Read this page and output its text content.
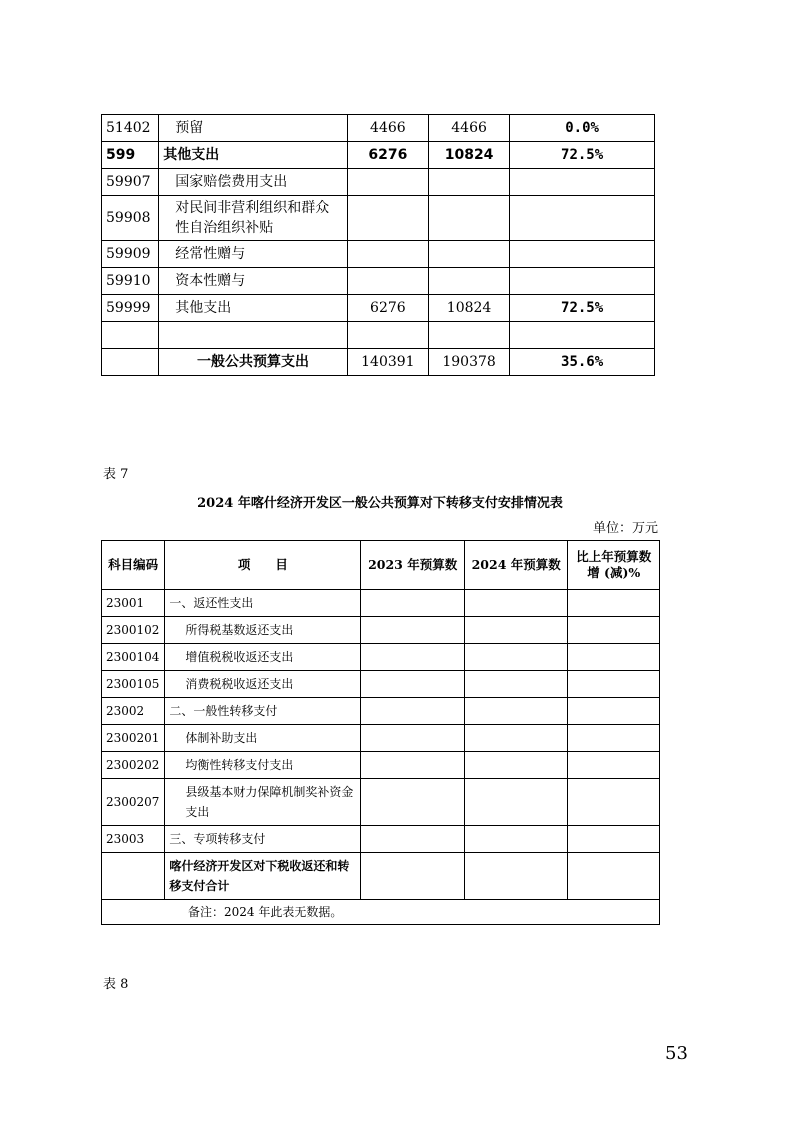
51402	预留	4466	4466	0.0%
599	其他支出	6276	10824	72.5%
59907	国家赔偿费用支出			
59908	对民间非营利组织和群众性自治组织补贴			
59909	经常性赠与			
59910	资本性赠与			
59999	其他支出	6276	10824	72.5%

	一般公共预算支出	140391	190378	35.6%
表 7
2024 年喀什经济开发区一般公共预算对下转移支付安排情况表
单位：万元
科目编码	项　　目	2023 年预算数	2024 年预算数	比上年预算数增 (减)%
23001	一、返还性支出			
2300102	所得税基数返还支出			
2300104	增值税税收返还支出			
2300105	消费税税收返还支出			
23002	二、一般性转移支付			
2300201	体制补助支出			
2300202	均衡性转移支付支出			
2300207	县级基本财力保障机制奖补资金支出			
23003	三、专项转移支付			
	喀什经济开发区对下税收返还和转移支付合计			
备注：2024 年此表无数据。				
表 8
53
